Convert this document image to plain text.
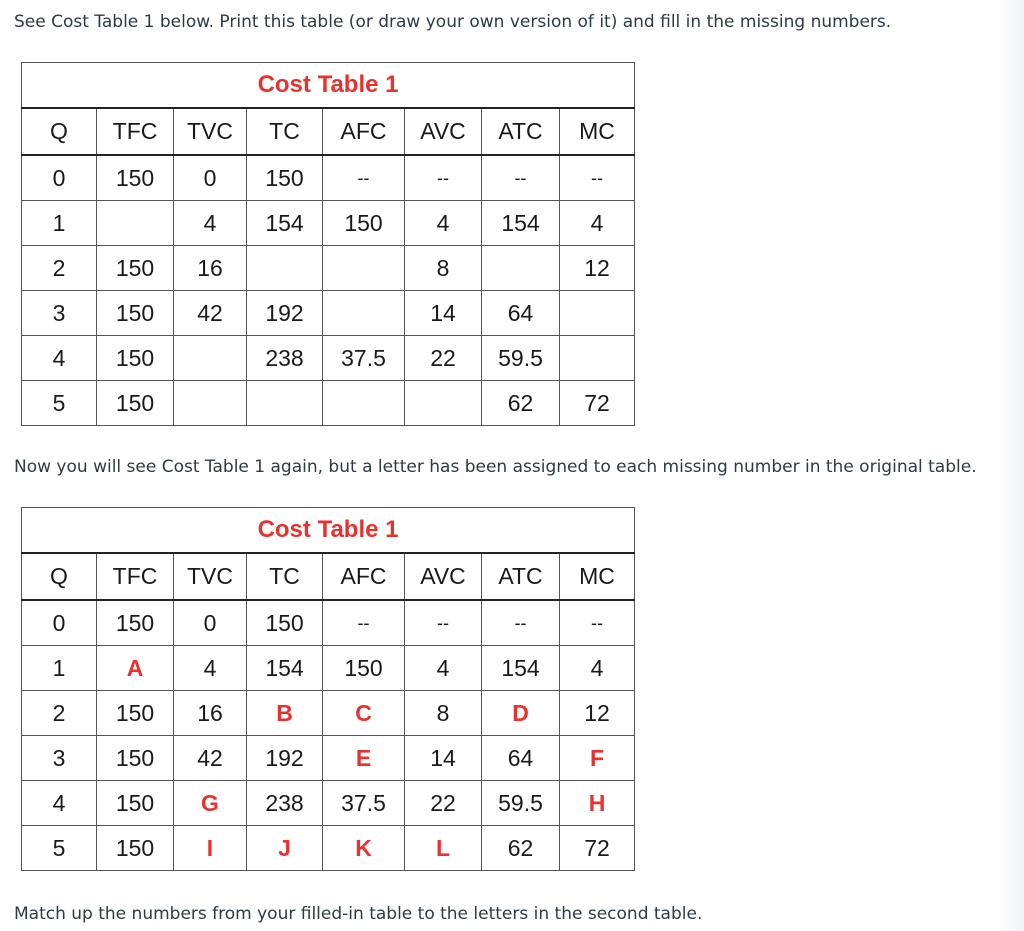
See Cost Table 1 below. Print this table (or draw your own version of it) and fill in the missing numbers.

Cost Table 1							
Q	TFC	TVC	TC	AFC	AVC	ATC	MC
0	150	0	150	--	--	--	--
1		4	154	150	4	154	4
2	150	16			8		12
3	150	42	192		14	64	
4	150		238	37.5	22	59.5	
5	150					62	72

Now you will see Cost Table 1 again, but a letter has been assigned to each missing number in the original table.

Cost Table 1							
Q	TFC	TVC	TC	AFC	AVC	ATC	MC
0	150	0	150	--	--	--	--
1	A	4	154	150	4	154	4
2	150	16	B	C	8	D	12
3	150	42	192	E	14	64	F
4	150	G	238	37.5	22	59.5	H
5	150	I	J	K	L	62	72

Match up the numbers from your filled-in table to the letters in the second table.
